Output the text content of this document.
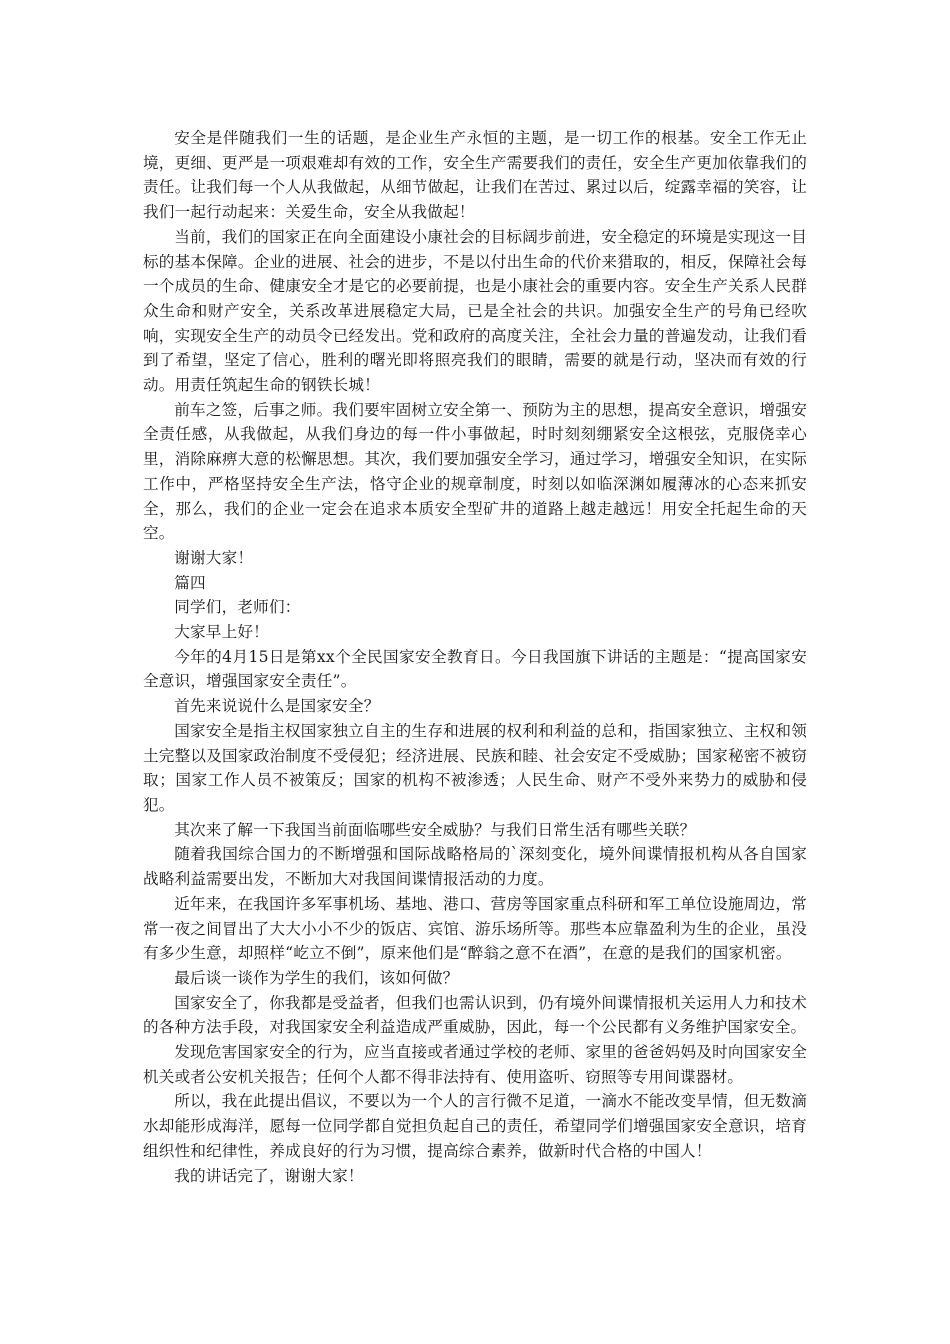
安全是伴随我们一生的话题，是企业生产永恒的主题，是一切工作的根基。安全工作无止境，更细、更严是一项艰难却有效的工作，安全生产需要我们的责任，安全生产更加依靠我们的责任。让我们每一个人从我做起，从细节做起，让我们在苦过、累过以后，绽露幸福的笑容，让我们一起行动起来：关爱生命，安全从我做起！

当前，我们的国家正在向全面建设小康社会的目标阔步前进，安全稳定的环境是实现这一目标的基本保障。企业的进展、社会的进步，不是以付出生命的代价来猎取的，相反，保障社会每一个成员的生命、健康安全才是它的必要前提，也是小康社会的重要内容。安全生产关系人民群众生命和财产安全，关系改革进展稳定大局，已是全社会的共识。加强安全生产的号角已经吹响，实现安全生产的动员令已经发出。党和政府的高度关注，全社会力量的普遍发动，让我们看到了希望，坚定了信心，胜利的曙光即将照亮我们的眼睛，需要的就是行动，坚决而有效的行动。用责任筑起生命的钢铁长城！

前车之签，后事之师。我们要牢固树立安全第一、预防为主的思想，提高安全意识，增强安全责任感，从我做起，从我们身边的每一件小事做起，时时刻刻绷紧安全这根弦，克服侥幸心里，消除麻痹大意的松懈思想。其次，我们要加强安全学习，通过学习，增强安全知识，在实际工作中，严格坚持安全生产法，恪守企业的规章制度，时刻以如临深渊如履薄冰的心态来抓安全，那么，我们的企业一定会在追求本质安全型矿井的道路上越走越远！用安全托起生命的天空。

谢谢大家！

篇四

同学们，老师们：

大家早上好！

今年的4月15日是第xx个全民国家安全教育日。今日我国旗下讲话的主题是：“提高国家安全意识，增强国家安全责任”。

首先来说说什么是国家安全？

国家安全是指主权国家独立自主的生存和进展的权利和利益的总和，指国家独立、主权和领土完整以及国家政治制度不受侵犯；经济进展、民族和睦、社会安定不受威胁；国家秘密不被窃取；国家工作人员不被策反；国家的机构不被渗透；人民生命、财产不受外来势力的威胁和侵犯。

其次来了解一下我国当前面临哪些安全威胁？与我们日常生活有哪些关联？

随着我国综合国力的不断增强和国际战略格局的`深刻变化，境外间谍情报机构从各自国家战略利益需要出发，不断加大对我国间谍情报活动的力度。

近年来，在我国许多军事机场、基地、港口、营房等国家重点科研和军工单位设施周边，常常一夜之间冒出了大大小小不少的饭店、宾馆、游乐场所等。那些本应靠盈利为生的企业，虽没有多少生意，却照样“屹立不倒”，原来他们是“醉翁之意不在酒”，在意的是我们的国家机密。

最后谈一谈作为学生的我们，该如何做？

国家安全了，你我都是受益者，但我们也需认识到，仍有境外间谍情报机关运用人力和技术的各种方法手段，对我国家安全利益造成严重威胁，因此，每一个公民都有义务维护国家安全。

发现危害国家安全的行为，应当直接或者通过学校的老师、家里的爸爸妈妈及时向国家安全机关或者公安机关报告；任何个人都不得非法持有、使用盗听、窃照等专用间谍器材。

所以，我在此提出倡议，不要以为一个人的言行微不足道，一滴水不能改变旱情，但无数滴水却能形成海洋，愿每一位同学都自觉担负起自己的责任，希望同学们增强国家安全意识，培育组织性和纪律性，养成良好的行为习惯，提高综合素养，做新时代合格的中国人！

我的讲话完了，谢谢大家！
